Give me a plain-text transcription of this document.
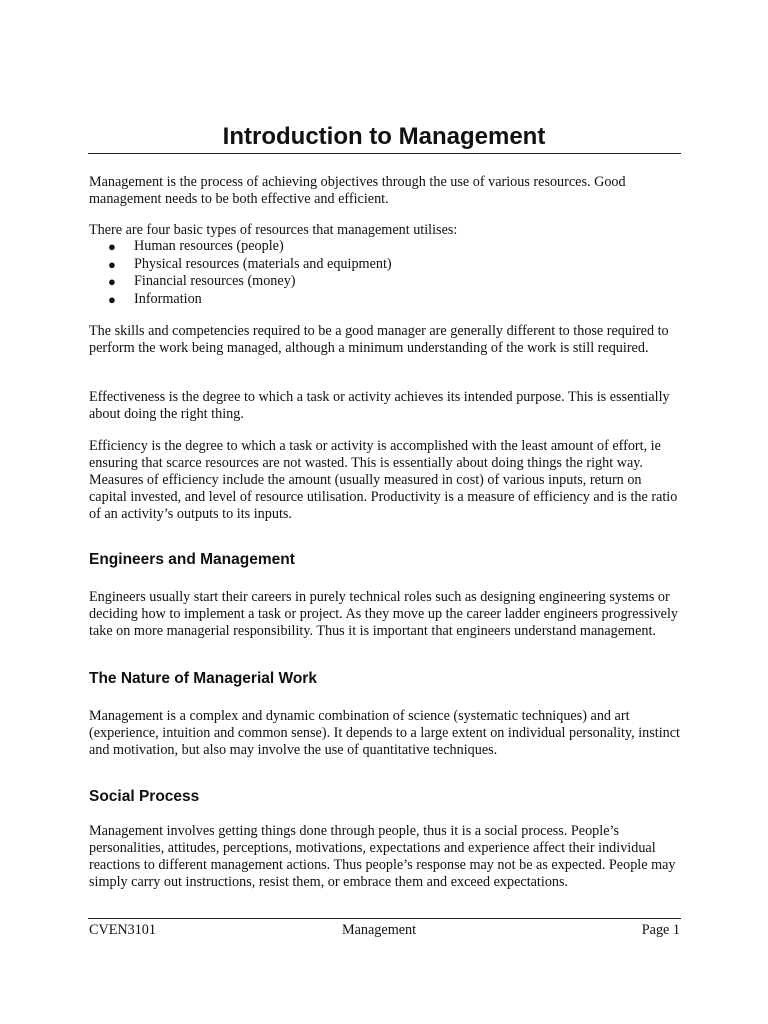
Introduction to Management

Management is the process of achieving objectives through the use of various resources. Good management needs to be both effective and efficient.

There are four basic types of resources that management utilises:

● Human resources (people)
● Physical resources (materials and equipment)
● Financial resources (money)
● Information

The skills and competencies required to be a good manager are generally different to those required to perform the work being managed, although a minimum understanding of the work is still required.

Effectiveness is the degree to which a task or activity achieves its intended purpose. This is essentially about doing the right thing.

Efficiency is the degree to which a task or activity is accomplished with the least amount of effort, ie ensuring that scarce resources are not wasted. This is essentially about doing things the right way. Measures of efficiency include the amount (usually measured in cost) of various inputs, return on capital invested, and level of resource utilisation. Productivity is a measure of efficiency and is the ratio of an activity’s outputs to its inputs.

Engineers and Management

Engineers usually start their careers in purely technical roles such as designing engineering systems or deciding how to implement a task or project. As they move up the career ladder engineers progressively take on more managerial responsibility. Thus it is important that engineers understand management.

The Nature of Managerial Work

Management is a complex and dynamic combination of science (systematic techniques) and art (experience, intuition and common sense). It depends to a large extent on individual personality, instinct and motivation, but also may involve the use of quantitative techniques.

Social Process

Management involves getting things done through people, thus it is a social process. People’s personalities, attitudes, perceptions, motivations, expectations and experience affect their individual reactions to different management actions. Thus people’s response may not be as expected. People may simply carry out instructions, resist them, or embrace them and exceed expectations.

CVEN3101	Management	Page 1
